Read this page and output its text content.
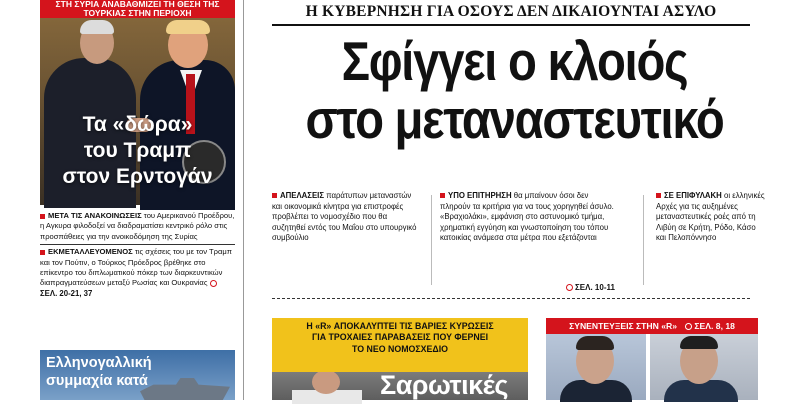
ΣΤΗ ΣΥΡΙΑ ΑΝΑΒΑΘΜΙΖΕΙ ΤΗ ΘΕΣΗ ΤΗΣ ΤΟΥΡΚΙΑΣ ΣΤΗΝ ΠΕΡΙΟΧΗ
Τα «δώρα»
του Τραμπ
στον Ερντογάν

ΜΕΤΑ ΤΙΣ ΑΝΑΚΟΙΝΩΣΕΙΣ του Αμερικανού Προέδρου, η Αγκυρα φιλοδοξεί να διαδραματίσει κεντρικό ρόλο στις προσπάθειες για την ανοικοδόμηση της Συρίας

ΕΚΜΕΤΑΛΛΕΥΟΜΕΝΟΣ τις σχέσεις του με τον Τραμπ και τον Πούτιν, ο Τούρκος Πρόεδρος βρέθηκε στο επίκεντρο του διπλωματικού πόκερ των διαρκευντικών διαπραγματεύσεων μεταξύ Ρωσίας και Ουκρανίας ΣΕΛ. 20-21, 37

Ελληνογαλλική
συμμαχία κατά
Η ΚΥΒΕΡΝΗΣΗ ΓΙΑ ΟΣΟΥΣ ΔΕΝ ΔΙΚΑΙΟΥΝΤΑΙ ΑΣΥΛΟ
Σφίγγει ο κλοιός
στο μεταναστευτικό
ΑΠΕΛΑΣΕΙΣ παράτυπων μεταναστών και οικονομικά κίνητρα για επιστροφές προβλέπει το νομοσχέδιο που θα συζητηθεί εντός του Μαΐου στο υπουργικό συμβούλιο
ΥΠΟ ΕΠΙΤΗΡΗΣΗ θα μπαίνουν όσοι δεν πληρούν τα κριτήρια για να τους χορηγηθεί άσυλο. «Βραχιολάκι», εμφάνιση στο αστυνομικό τμήμα, χρηματική εγγύηση και γνωστοποίηση του τόπου κατοικίας ανάμεσα στα μέτρα που εξετάζονται
ΣΕ ΕΠΙΦΥΛΑΚΗ οι ελληνικές Αρχές για τις αυξημένες μεταναστευτικές ροές από τη Λιβύη σε Κρήτη, Ρόδο, Κάσο και Πελοπόννησο
ΣΕΛ. 10-11
Η «R» ΑΠΟΚΑΛΥΠΤΕΙ ΤΙΣ ΒΑΡΙΕΣ ΚΥΡΩΣΕΙΣ
ΓΙΑ ΤΡΟΧΑΙΕΣ ΠΑΡΑΒΑΣΕΙΣ ΠΟΥ ΦΕΡΝΕΙ
ΤΟ ΝΕΟ ΝΟΜΟΣΧΕΔΙΟ
Σαρωτικές
ΣΥΝΕΝΤΕΥΞΕΙΣ ΣΤΗΝ «R» ΣΕΛ. 8, 18
